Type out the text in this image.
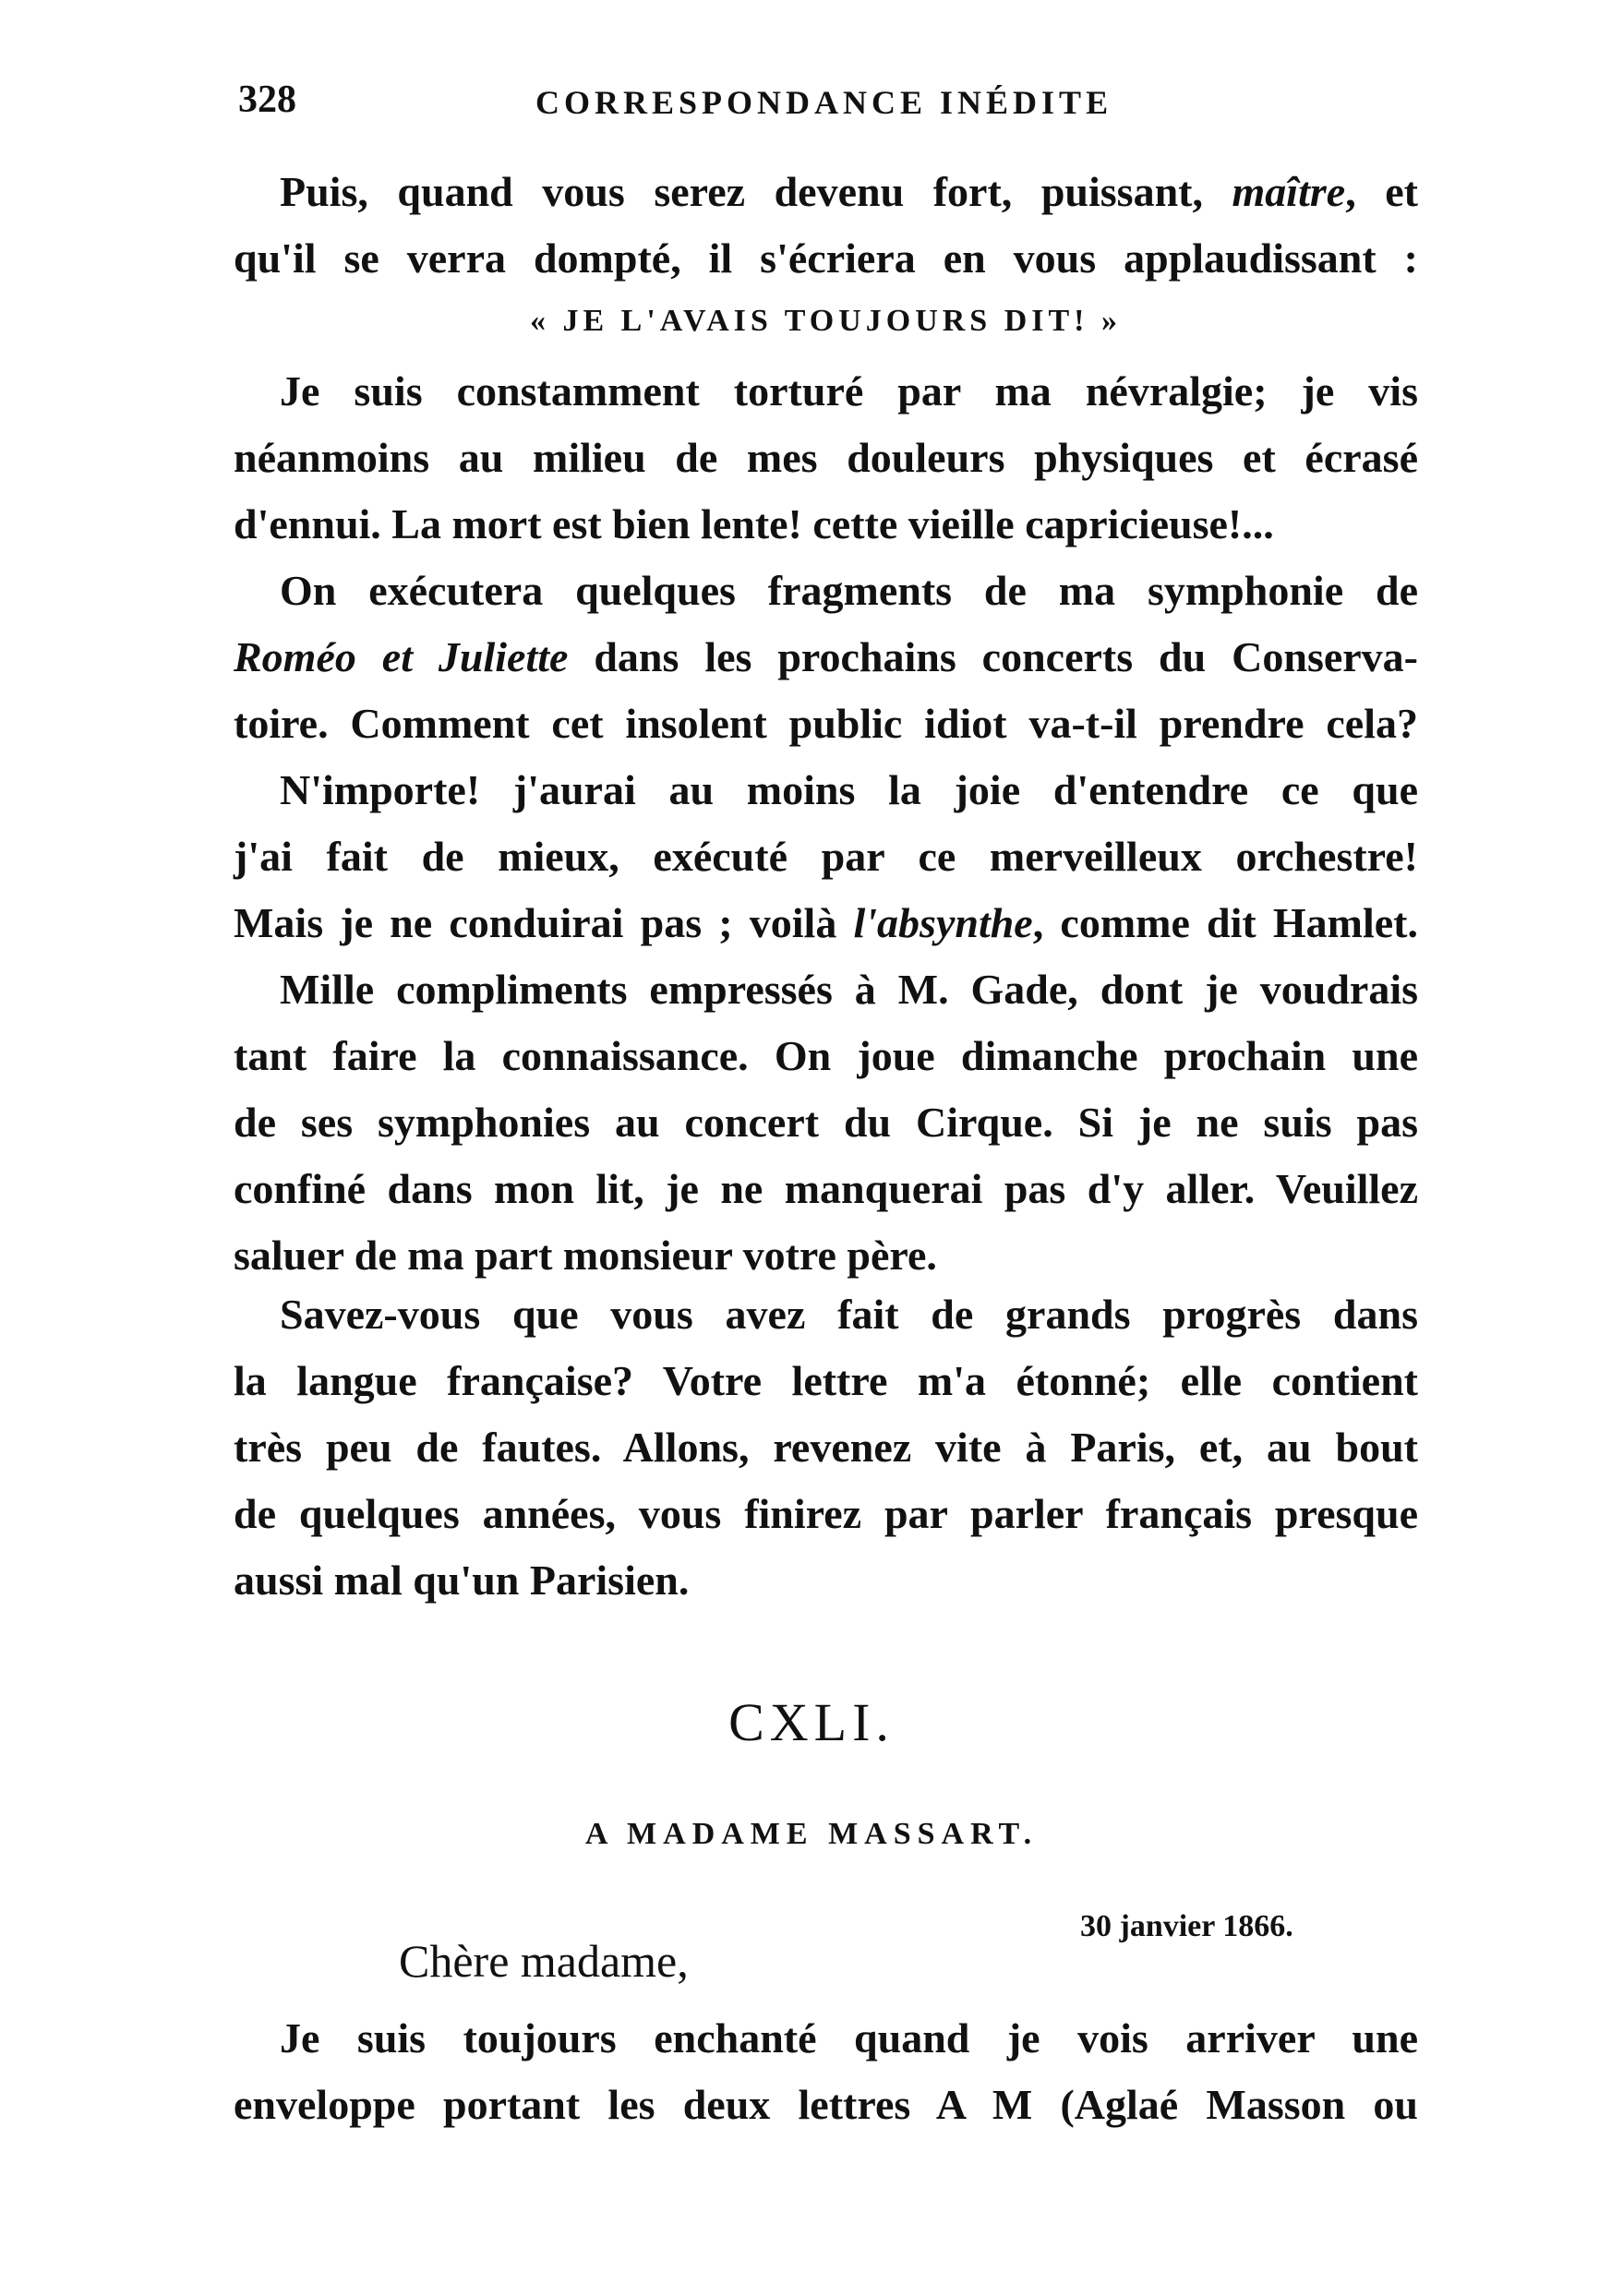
328	CORRESPONDANCE INÉDITE
Puis, quand vous serez devenu fort, puissant, maître, et
qu'il se verra dompté, il s'écriera en vous applaudissant :
« JE L'AVAIS TOUJOURS DIT! »
Je suis constamment torturé par ma névralgie; je vis
néanmoins au milieu de mes douleurs physiques et écrasé
d'ennui. La mort est bien lente! cette vieille capricieuse!...
On exécutera quelques fragments de ma symphonie de
Roméo et Juliette dans les prochains concerts du Conserva-
toire. Comment cet insolent public idiot va-t-il prendre cela?
N'importe! j'aurai au moins la joie d'entendre ce que
j'ai fait de mieux, exécuté par ce merveilleux orchestre!
Mais je ne conduirai pas ; voilà l'absynthe, comme dit Hamlet.
Mille compliments empressés à M. Gade, dont je voudrais
tant faire la connaissance. On joue dimanche prochain une
de ses symphonies au concert du Cirque. Si je ne suis pas
confiné dans mon lit, je ne manquerai pas d'y aller. Veuillez
saluer de ma part monsieur votre père.
Savez-vous que vous avez fait de grands progrès dans
la langue française? Votre lettre m'a étonné; elle contient
très peu de fautes. Allons, revenez vite à Paris, et, au bout
de quelques années, vous finirez par parler français presque
aussi mal qu'un Parisien.
CXLI.
A MADAME MASSART.
30 janvier 1866.
Chère madame,
Je suis toujours enchanté quand je vois arriver une
enveloppe portant les deux lettres A M (Aglaé Masson ou
